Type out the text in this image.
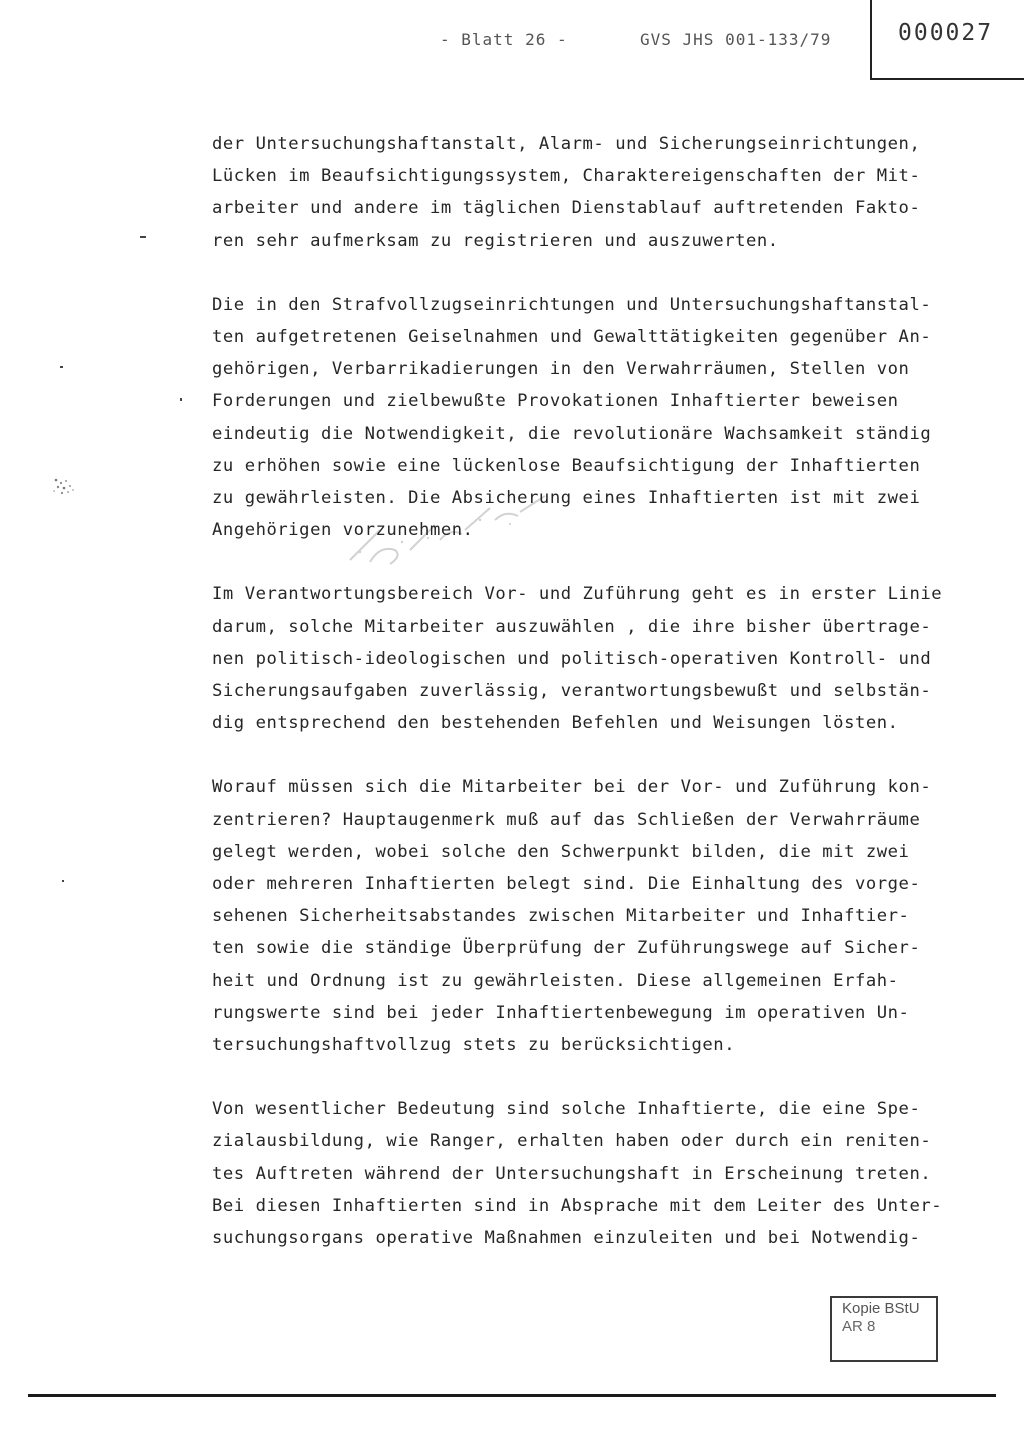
- Blatt 26 -	GVS JHS 001-133/79	000027
der Untersuchungshaftanstalt, Alarm- und Sicherungseinrichtungen,
Lücken im Beaufsichtigungssystem, Charaktereigenschaften der Mit-
arbeiter und andere im täglichen Dienstablauf auftretenden Fakto-
ren sehr aufmerksam zu registrieren und auszuwerten.
Die in den Strafvollzugseinrichtungen und Untersuchungshaftanstal-
ten aufgetretenen Geiselnahmen und Gewalttätigkeiten gegenüber An-
gehörigen, Verbarrikadierungen in den Verwahrräumen, Stellen von
Forderungen und zielbewußte Provokationen Inhaftierter beweisen
eindeutig die Notwendigkeit, die revolutionäre Wachsamkeit ständig
zu erhöhen sowie eine lückenlose Beaufsichtigung der Inhaftierten
zu gewährleisten. Die Absicherung eines Inhaftierten ist mit zwei
Angehörigen vorzunehmen.
Im Verantwortungsbereich Vor- und Zuführung geht es in erster Linie
darum, solche Mitarbeiter auszuwählen , die ihre bisher übertrage-
nen politisch-ideologischen und politisch-operativen Kontroll- und
Sicherungsaufgaben zuverlässig, verantwortungsbewußt und selbstän-
dig entsprechend den bestehenden Befehlen und Weisungen lösten.
Worauf müssen sich die Mitarbeiter bei der Vor- und Zuführung kon-
zentrieren? Hauptaugenmerk muß auf das Schließen der Verwahrräume
gelegt werden, wobei solche den Schwerpunkt bilden, die mit zwei
oder mehreren Inhaftierten belegt sind. Die Einhaltung des vorge-
sehenen Sicherheitsabstandes zwischen Mitarbeiter und Inhaftier-
ten sowie die ständige Überprüfung der Zuführungswege auf Sicher-
heit und Ordnung ist zu gewährleisten. Diese allgemeinen Erfah-
rungswerte sind bei jeder Inhaftiertenbewegung im operativen Un-
tersuchungshaftvollzug stets zu berücksichtigen.
Von wesentlicher Bedeutung sind solche Inhaftierte, die eine Spe-
zialausbildung, wie Ranger, erhalten haben oder durch ein reniten-
tes Auftreten während der Untersuchungshaft in Erscheinung treten.
Bei diesen Inhaftierten sind in Absprache mit dem Leiter des Unter-
suchungsorgans operative Maßnahmen einzuleiten und bei Notwendig-
Kopie BStU
AR 8
